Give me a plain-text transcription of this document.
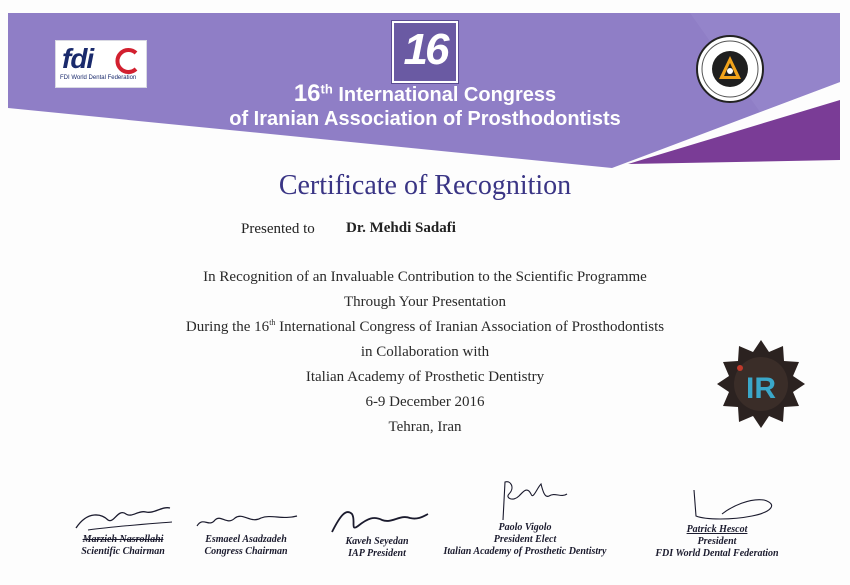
fdi
FDI World Dental Federation
16
16th International Congress
of Iranian Association of Prosthodontists
Certificate of Recognition
Presented to Dr. Mehdi Sadafi
In Recognition of an Invaluable Contribution to the Scientific Programme
Through Your Presentation
During the 16th International Congress of Iranian Association of Prosthodontists
in Collaboration with
Italian Academy of Prosthetic Dentistry
6-9 December 2016
Tehran, Iran
IR
Marzieh Nasrollahi
Scientific Chairman
Esmaeel Asadzadeh
Congress Chairman
Kaveh Seyedan
IAP President
Paolo Vigolo
President Elect
Italian Academy of Prosthetic Dentistry
Patrick Hescot
President
FDI World Dental Federation
